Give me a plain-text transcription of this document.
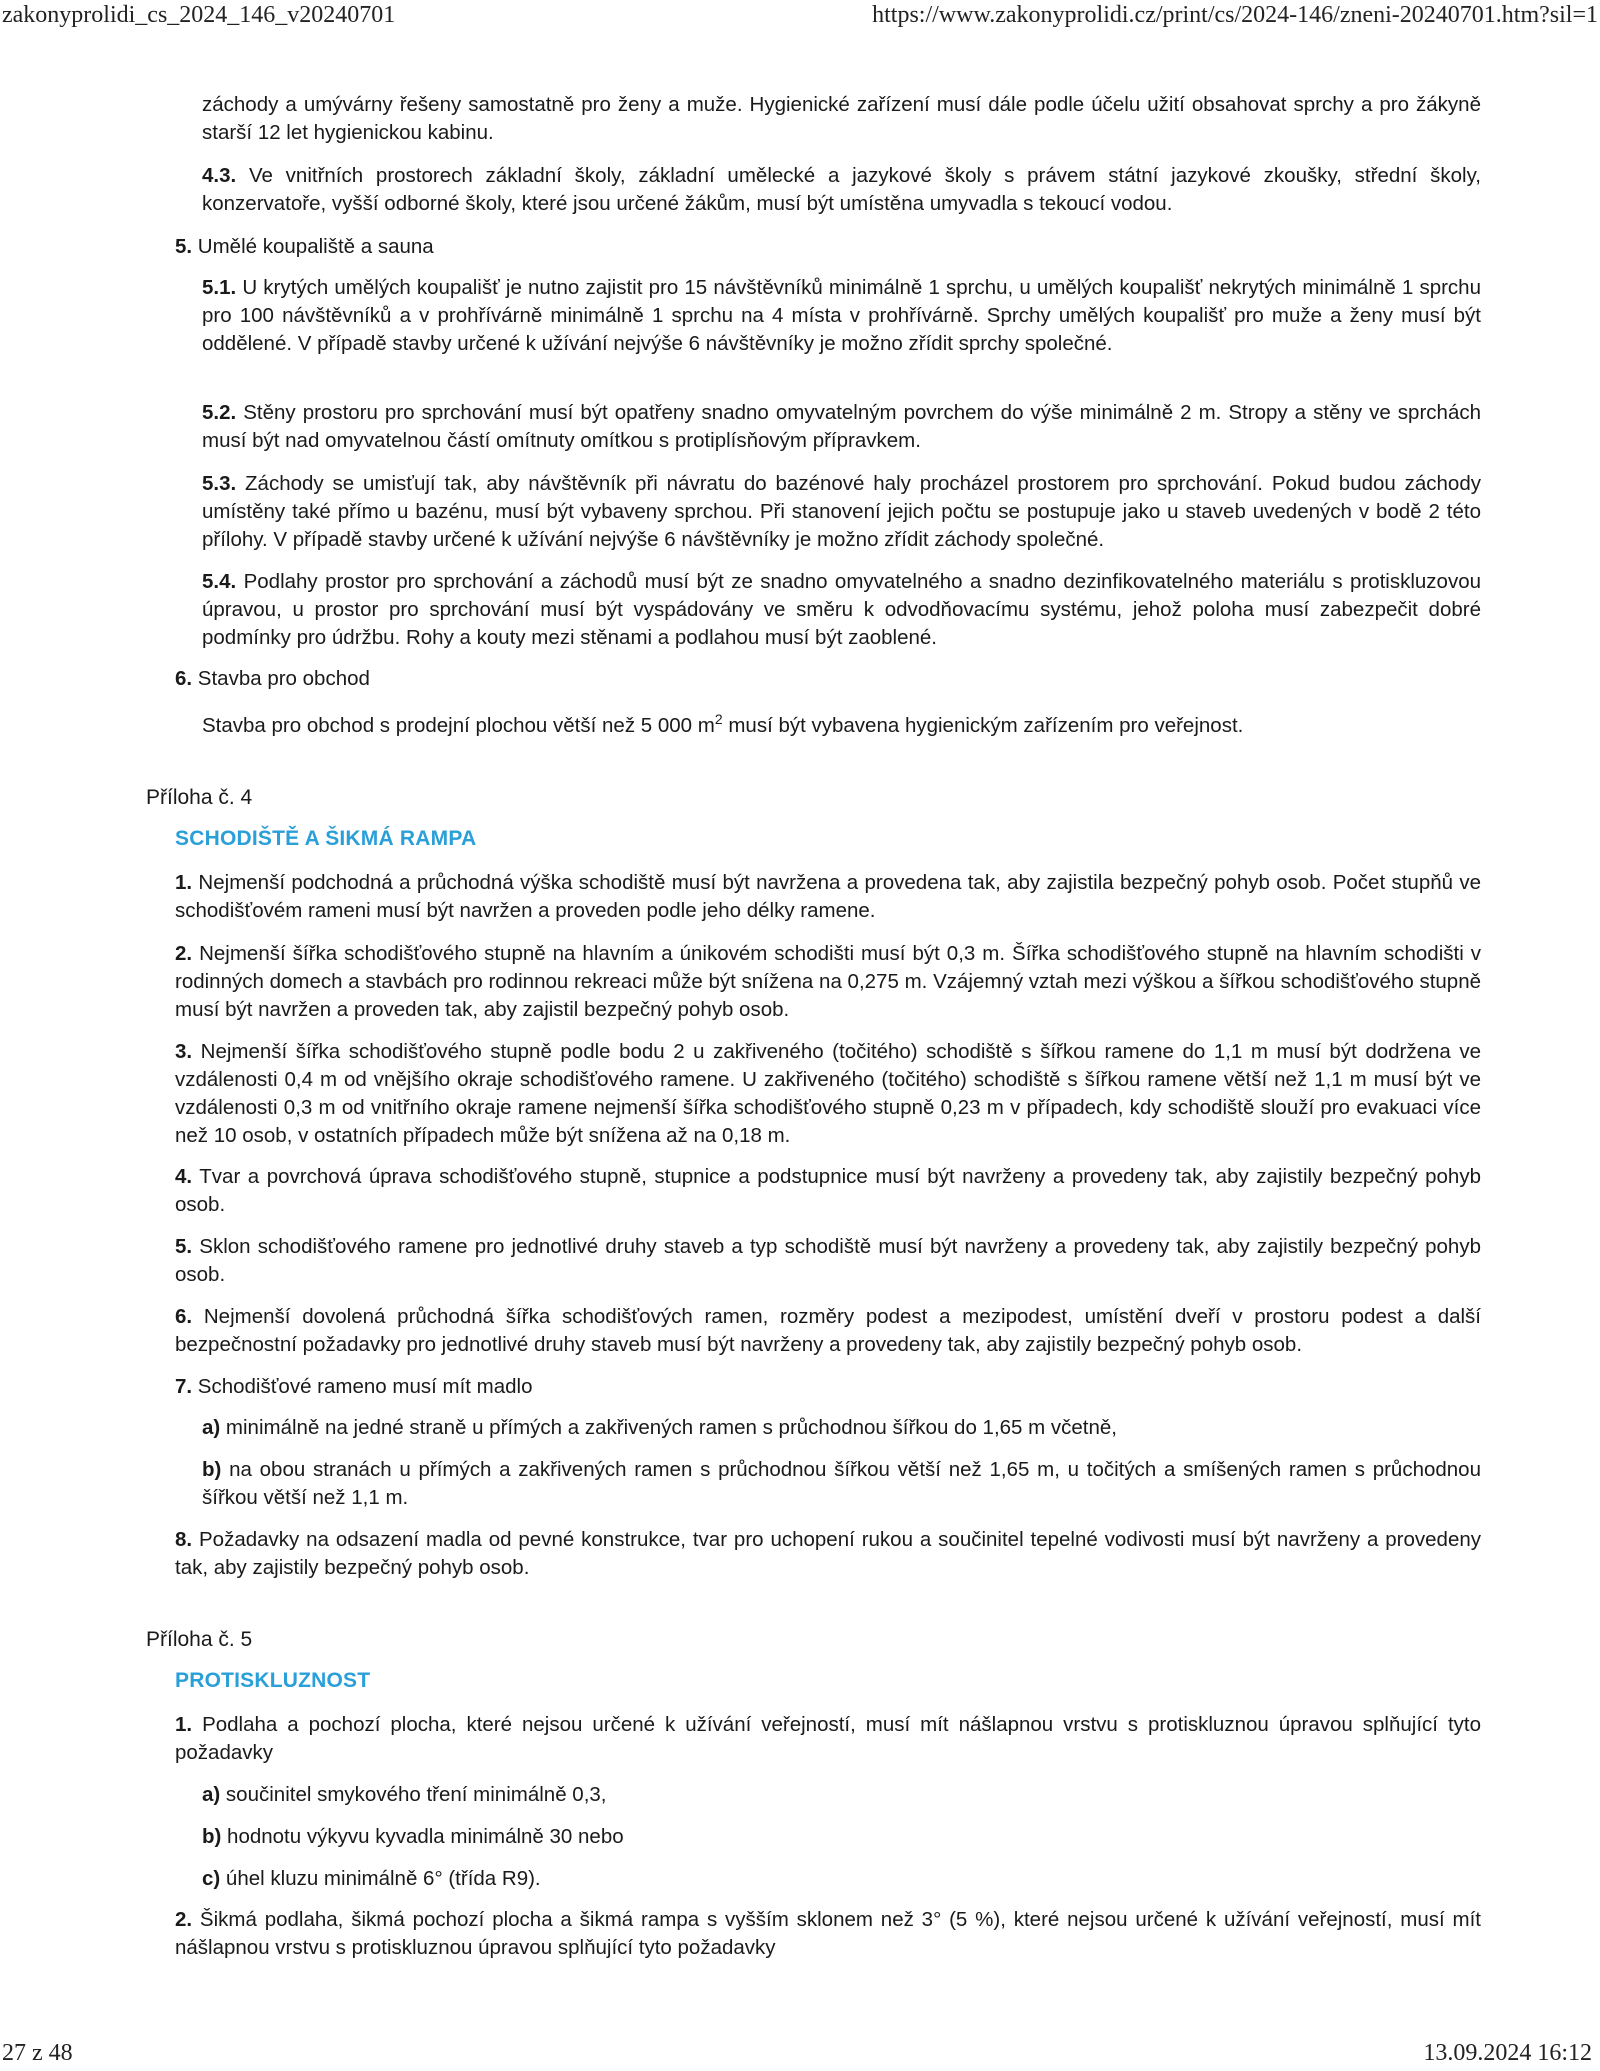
zakonyprolidi_cs_2024_146_v20240701	https://www.zakonyprolidi.cz/print/cs/2024-146/zneni-20240701.htm?sil=1

záchody a umývárny řešeny samostatně pro ženy a muže. Hygienické zařízení musí dále podle účelu užití obsahovat sprchy a pro žákyně starší 12 let hygienickou kabinu.

4.3. Ve vnitřních prostorech základní školy, základní umělecké a jazykové školy s právem státní jazykové zkoušky, střední školy, konzervatoře, vyšší odborné školy, které jsou určené žákům, musí být umístěna umyvadla s tekoucí vodou.

5. Umělé koupaliště a sauna

5.1. U krytých umělých koupališť je nutno zajistit pro 15 návštěvníků minimálně 1 sprchu, u umělých koupališť nekrytých minimálně 1 sprchu pro 100 návštěvníků a v prohřívárně minimálně 1 sprchu na 4 místa v prohřívárně. Sprchy umělých koupališť pro muže a ženy musí být oddělené. V případě stavby určené k užívání nejvýše 6 návštěvníky je možno zřídit sprchy společné.

5.2. Stěny prostoru pro sprchování musí být opatřeny snadno omyvatelným povrchem do výše minimálně 2 m. Stropy a stěny ve sprchách musí být nad omyvatelnou částí omítnuty omítkou s protiplísňovým přípravkem.

5.3. Záchody se umisťují tak, aby návštěvník při návratu do bazénové haly procházel prostorem pro sprchování. Pokud budou záchody umístěny také přímo u bazénu, musí být vybaveny sprchou. Při stanovení jejich počtu se postupuje jako u staveb uvedených v bodě 2 této přílohy. V případě stavby určené k užívání nejvýše 6 návštěvníky je možno zřídit záchody společné.

5.4. Podlahy prostor pro sprchování a záchodů musí být ze snadno omyvatelného a snadno dezinfikovatelného materiálu s protiskluzovou úpravou, u prostor pro sprchování musí být vyspádovány ve směru k odvodňovacímu systému, jehož poloha musí zabezpečit dobré podmínky pro údržbu. Rohy a kouty mezi stěnami a podlahou musí být zaoblené.

6. Stavba pro obchod

Stavba pro obchod s prodejní plochou větší než 5 000 $m^2$ musí být vybavena hygienickým zařízením pro veřejnost.

Příloha č. 4

SCHODIŠTĚ A ŠIKMÁ RAMPA

1. Nejmenší podchodná a průchodná výška schodiště musí být navržena a provedena tak, aby zajistila bezpečný pohyb osob. Počet stupňů ve schodišťovém rameni musí být navržen a proveden podle jeho délky ramene.

2. Nejmenší šířka schodišťového stupně na hlavním a únikovém schodišti musí být 0,3 m. Šířka schodišťového stupně na hlavním schodišti v rodinných domech a stavbách pro rodinnou rekreaci může být snížena na 0,275 m. Vzájemný vztah mezi výškou a šířkou schodišťového stupně musí být navržen a proveden tak, aby zajistil bezpečný pohyb osob.

3. Nejmenší šířka schodišťového stupně podle bodu 2 u zakřiveného (točitého) schodiště s šířkou ramene do 1,1 m musí být dodržena ve vzdálenosti 0,4 m od vnějšího okraje schodišťového ramene. U zakřiveného (točitého) schodiště s šířkou ramene větší než 1,1 m musí být ve vzdálenosti 0,3 m od vnitřního okraje ramene nejmenší šířka schodišťového stupně 0,23 m v případech, kdy schodiště slouží pro evakuaci více než 10 osob, v ostatních případech může být snížena až na 0,18 m.

4. Tvar a povrchová úprava schodišťového stupně, stupnice a podstupnice musí být navrženy a provedeny tak, aby zajistily bezpečný pohyb osob.

5. Sklon schodišťového ramene pro jednotlivé druhy staveb a typ schodiště musí být navrženy a provedeny tak, aby zajistily bezpečný pohyb osob.

6. Nejmenší dovolená průchodná šířka schodišťových ramen, rozměry podest a mezipodest, umístění dveří v prostoru podest a další bezpečnostní požadavky pro jednotlivé druhy staveb musí být navrženy a provedeny tak, aby zajistily bezpečný pohyb osob.

7. Schodišťové rameno musí mít madlo

a) minimálně na jedné straně u přímých a zakřivených ramen s průchodnou šířkou do 1,65 m včetně,

b) na obou stranách u přímých a zakřivených ramen s průchodnou šířkou větší než 1,65 m, u točitých a smíšených ramen s průchodnou šířkou větší než 1,1 m.

8. Požadavky na odsazení madla od pevné konstrukce, tvar pro uchopení rukou a součinitel tepelné vodivosti musí být navrženy a provedeny tak, aby zajistily bezpečný pohyb osob.

Příloha č. 5

PROTISKLUZNOST

1. Podlaha a pochozí plocha, které nejsou určené k užívání veřejností, musí mít nášlapnou vrstvu s protiskluznou úpravou splňující tyto požadavky

a) součinitel smykového tření minimálně 0,3,

b) hodnotu výkyvu kyvadla minimálně 30 nebo

c) úhel kluzu minimálně 6° (třída R9).

2. Šikmá podlaha, šikmá pochozí plocha a šikmá rampa s vyšším sklonem než 3° (5 %), které nejsou určené k užívání veřejností, musí mít nášlapnou vrstvu s protiskluznou úpravou splňující tyto požadavky

27 z 48	13.09.2024 16:12
